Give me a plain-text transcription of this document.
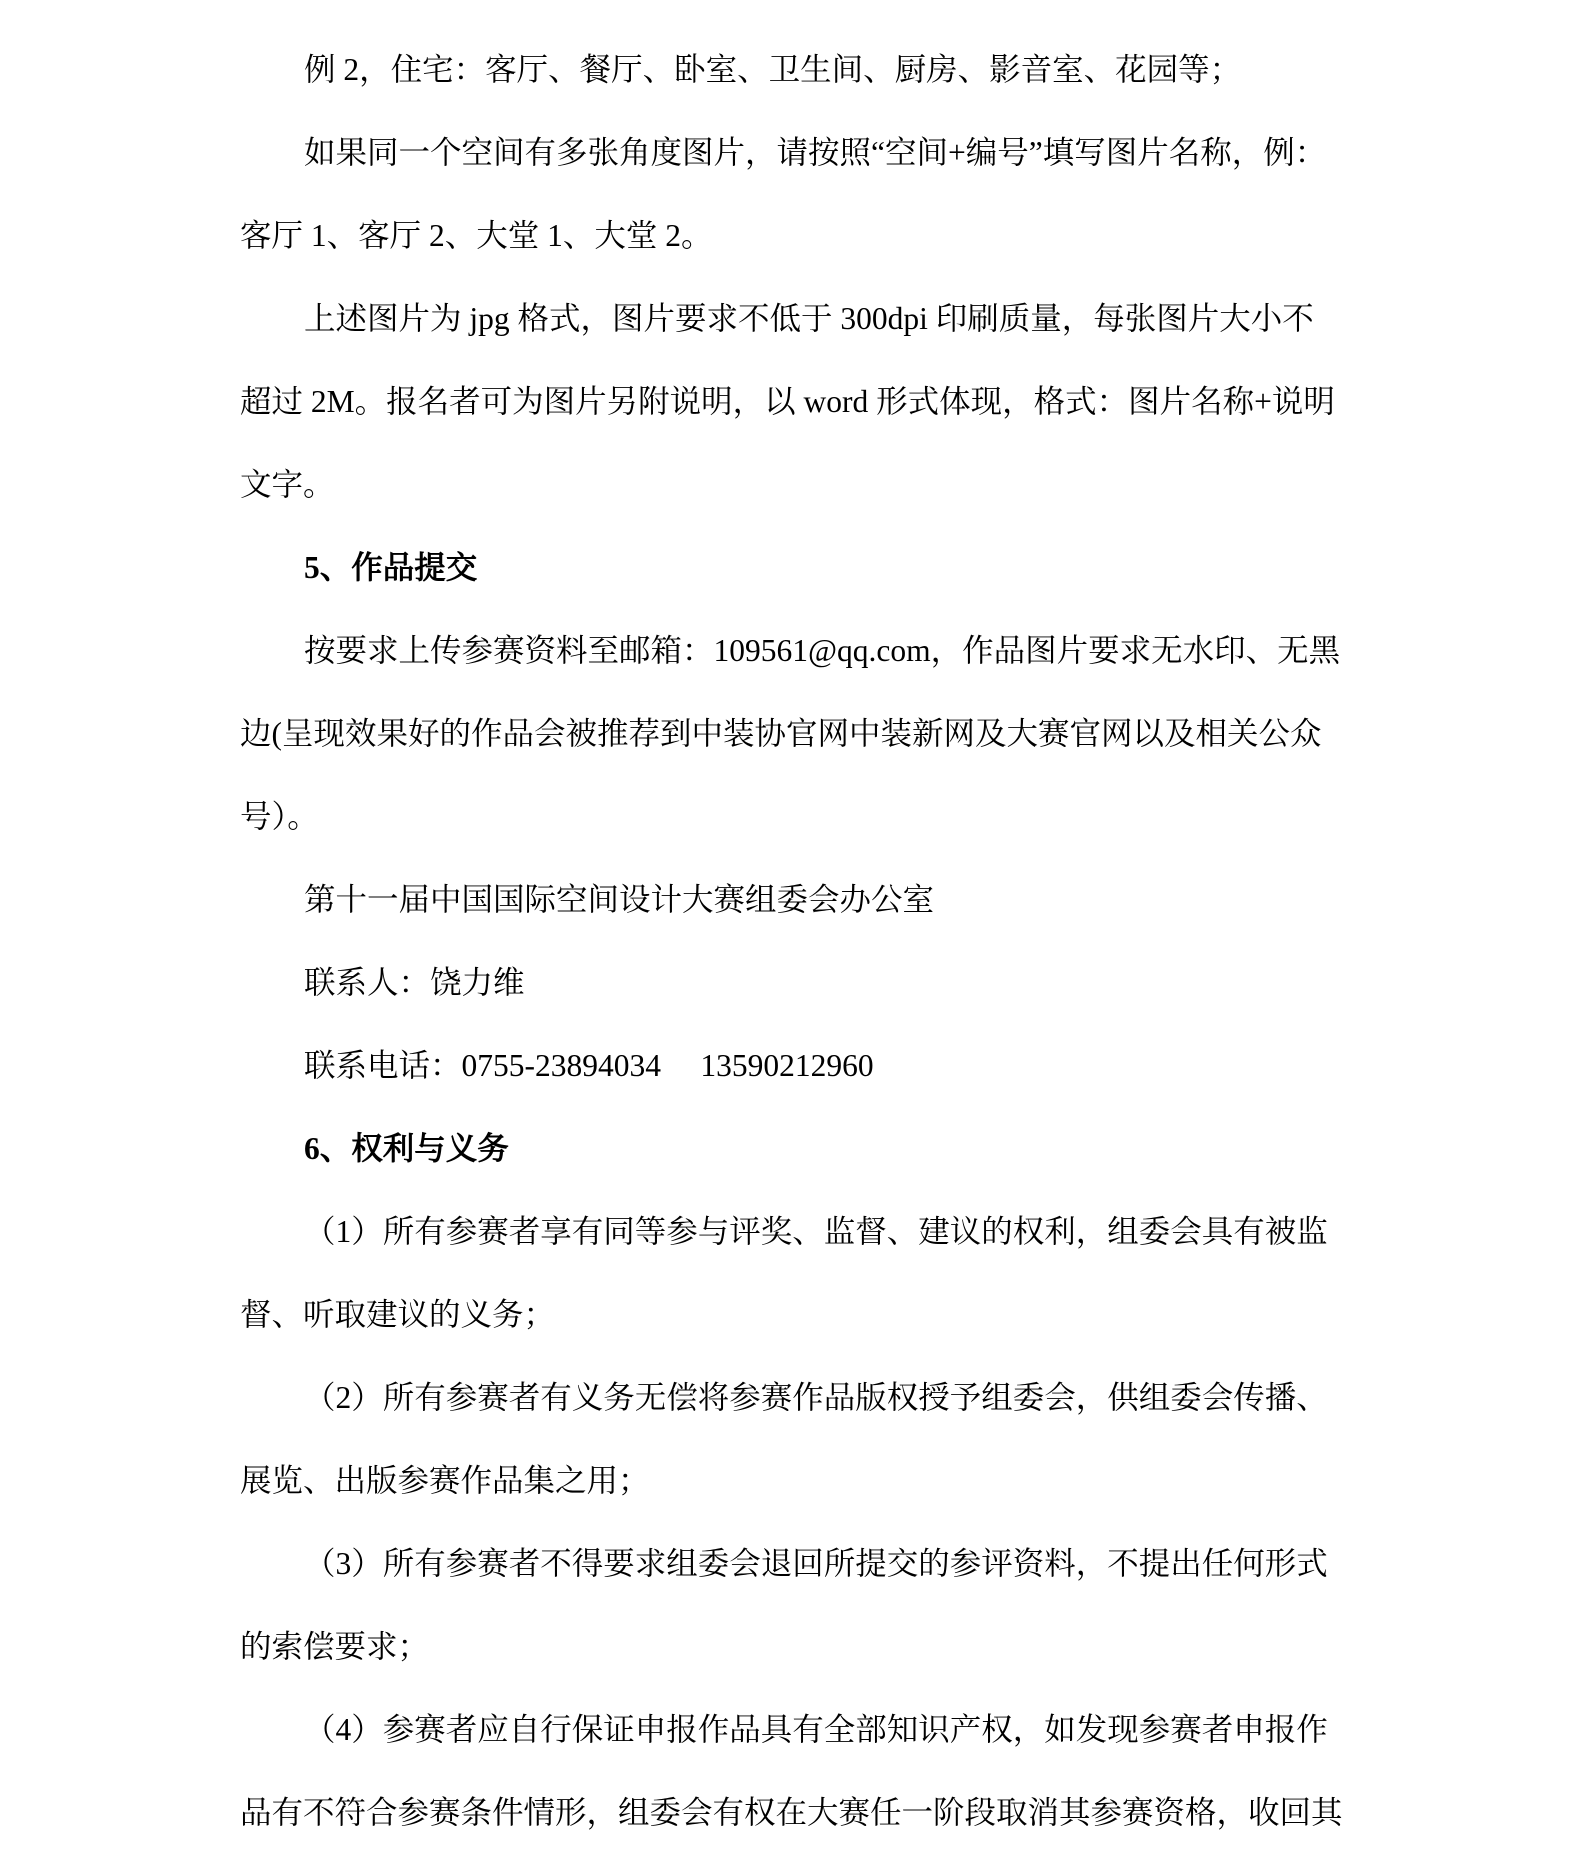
例 2，住宅：客厅、餐厅、卧室、卫生间、厨房、影音室、花园等；
如果同一个空间有多张角度图片，请按照“空间+编号”填写图片名称，例：
客厅 1、客厅 2、大堂 1、大堂 2。
上述图片为 jpg 格式，图片要求不低于 300dpi 印刷质量，每张图片大小不
超过 2M。报名者可为图片另附说明，以 word 形式体现，格式：图片名称+说明
文字。
5、作品提交
按要求上传参赛资料至邮箱：109561@qq.com，作品图片要求无水印、无黑
边(呈现效果好的作品会被推荐到中装协官网中装新网及大赛官网以及相关公众
号）。
第十一届中国国际空间设计大赛组委会办公室
联系人：饶力维
联系电话：0755-23894034　 13590212960
6、权利与义务
（1）所有参赛者享有同等参与评奖、监督、建议的权利，组委会具有被监
督、听取建议的义务；
（2）所有参赛者有义务无偿将参赛作品版权授予组委会，供组委会传播、
展览、出版参赛作品集之用；
（3）所有参赛者不得要求组委会退回所提交的参评资料，不提出任何形式
的索偿要求；
（4）参赛者应自行保证申报作品具有全部知识产权，如发现参赛者申报作
品有不符合参赛条件情形，组委会有权在大赛任一阶段取消其参赛资格，收回其
